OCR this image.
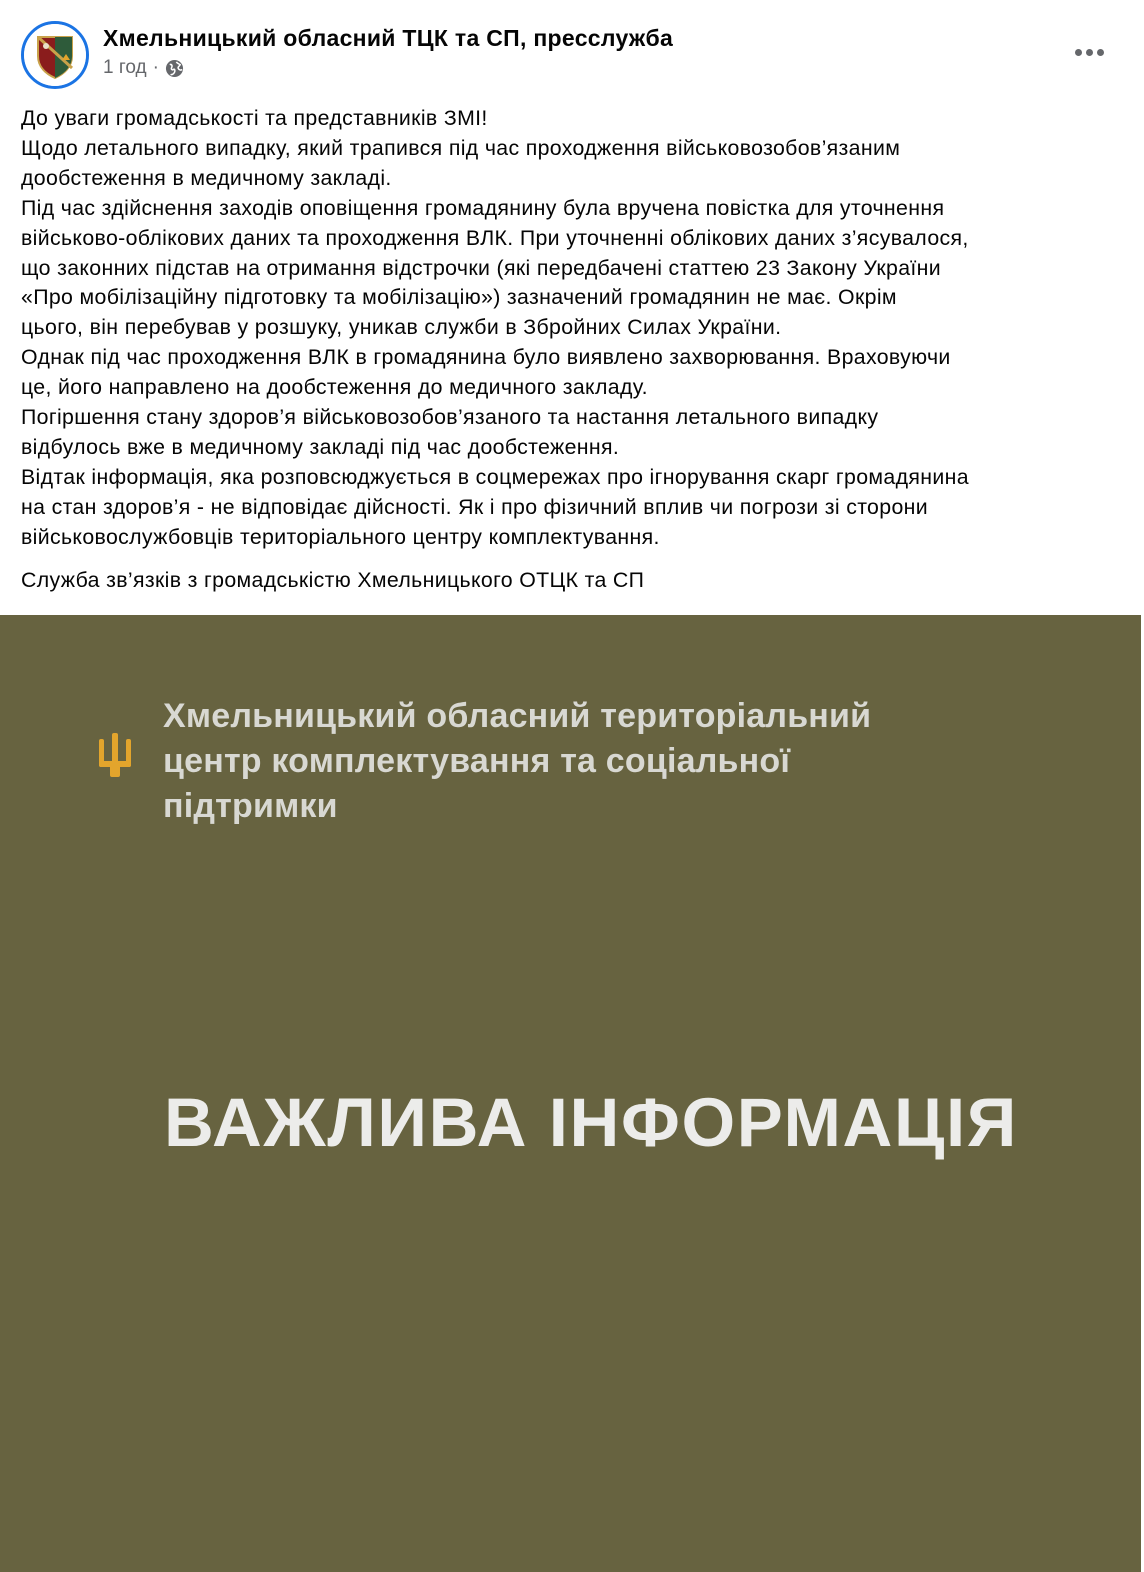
Хмельницький обласний ТЦК та СП, пресслужба
1 год ·

До уваги громадськості та представників ЗМІ!

Щодо летального випадку, який трапився під час проходження військовозобов’язаним

дообстеження в медичному закладі.

Під час здійснення заходів оповіщення громадянину була вручена повістка для уточнення

військово-облікових даних та проходження ВЛК. При уточненні облікових даних з’ясувалося,

що законних підстав на отримання відстрочки (які передбачені статтею 23 Закону України

«Про мобілізаційну підготовку та мобілізацію») зазначений громадянин не має. Окрім

цього, він перебував у розшуку, уникав служби в Збройних Силах України.

Однак під час проходження ВЛК в громадянина було виявлено захворювання. Враховуючи

це, його направлено на дообстеження до медичного закладу.

Погіршення стану здоров’я військовозобов’язаного та настання летального випадку

відбулось вже в медичному закладі під час дообстеження.

Відтак інформація, яка розповсюджується в соцмережах про ігнорування скарг громадянина

на стан здоров’я - не відповідає дійсності. Як і про фізичний вплив чи погрози зі сторони

військовослужбовців територіального центру комплектування.

Служба зв’язків з громадськістю Хмельницького ОТЦК та СП
Хмельницький обласний територіальний
центр комплектування та соціальної
підтримки
ВАЖЛИВА ІНФОРМАЦІЯ
